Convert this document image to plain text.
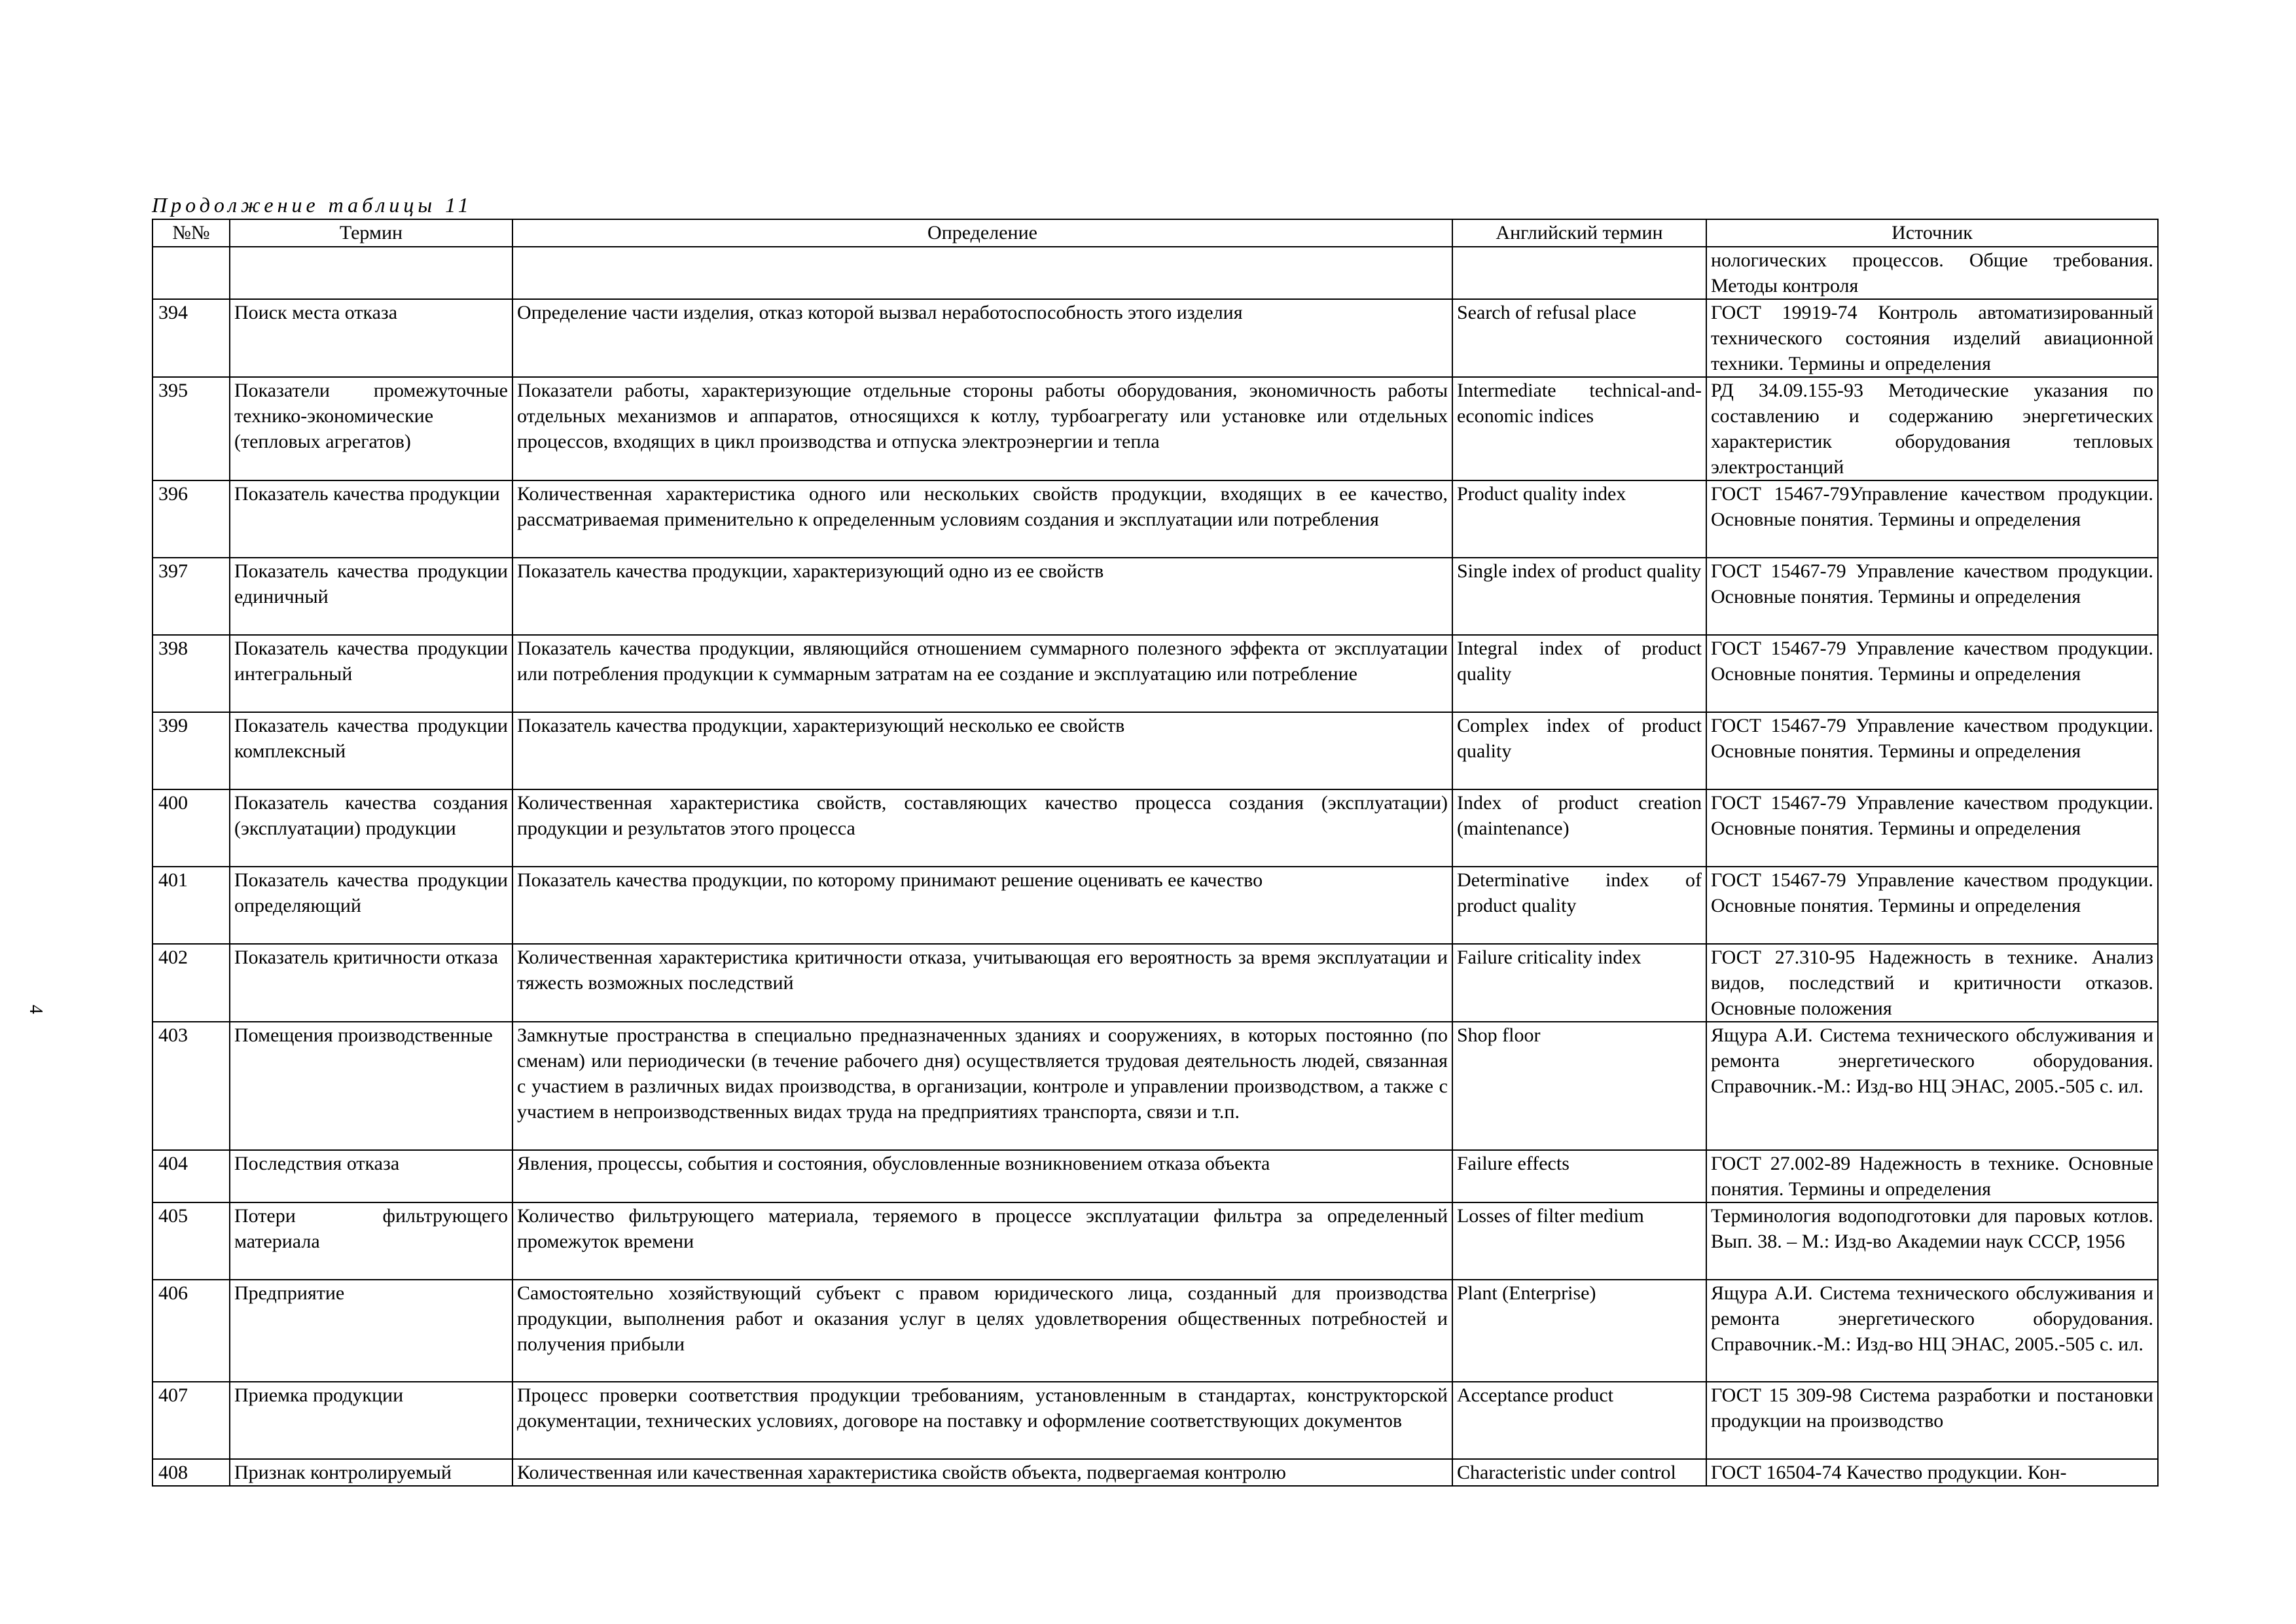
Продолжение таблицы 11
4
№№	Термин	Определение	Английский термин	Источник
				нологических процессов. Общие требования. Методы контроля
394	Поиск места отказа	Определение части изделия, отказ которой вызвал неработоспособность этого изделия	Search of refusal place	ГОСТ 19919-74 Контроль автоматизированный технического состояния изделий авиационной техники. Термины и определения
395	Показатели промежуточные технико-экономические (тепловых агрегатов)	Показатели работы, характеризующие отдельные стороны работы оборудования, экономичность работы отдельных механизмов и аппаратов, относящихся к котлу, турбоагрегату или установке или отдельных процессов, входящих в цикл производства и отпуска электроэнергии и тепла	Intermediate technical-and-economic indices	РД 34.09.155-93 Методические указания по составлению и содержанию энергетических характеристик оборудования тепловых электростанций
396	Показатель качества продукции	Количественная характеристика одного или нескольких свойств продукции, входящих в ее качество, рассматриваемая применительно к определенным условиям создания и эксплуатации или потребления	Product quality index	ГОСТ 15467-79Управление качеством продукции. Основные понятия. Термины и определения
397	Показатель качества продукции единичный	Показатель качества продукции, характеризующий одно из ее свойств	Single index of product quality	ГОСТ 15467-79 Управление качеством продукции. Основные понятия. Термины и определения
398	Показатель качества продукции интегральный	Показатель качества продукции, являющийся отношением суммарного полезного эффекта от эксплуатации или потребления продукции к суммарным затратам на ее создание и эксплуатацию или потребление	Integral index of product quality	ГОСТ 15467-79 Управление качеством продукции. Основные понятия. Термины и определения
399	Показатель качества продукции комплексный	Показатель качества продукции, характеризующий несколько ее свойств	Complex index of product quality	ГОСТ 15467-79 Управление качеством продукции. Основные понятия. Термины и определения
400	Показатель качества создания (эксплуатации) продукции	Количественная характеристика свойств, составляющих качество процесса создания (эксплуатации) продукции и результатов этого процесса	Index of product creation (maintenance)	ГОСТ 15467-79 Управление качеством продукции. Основные понятия. Термины и определения
401	Показатель качества продукции определяющий	Показатель качества продукции, по которому принимают решение оценивать ее качество	Determinative index of product quality	ГОСТ 15467-79 Управление качеством продукции. Основные понятия. Термины и определения
402	Показатель критичности отказа	Количественная характеристика критичности отказа, учитывающая его вероятность за время эксплуатации и тяжесть возможных последствий	Failure criticality index	ГОСТ 27.310-95 Надежность в технике. Анализ видов, последствий и критичности отказов. Основные положения
403	Помещения производственные	Замкнутые пространства в специально предназначенных зданиях и сооружениях, в которых постоянно (по сменам) или периодически (в течение рабочего дня) осуществляется трудовая деятельность людей, связанная с участием в различных видах производства, в организации, контроле и управлении производством, а также с участием в непроизводственных видах труда на предприятиях транспорта, связи и т.п.	Shop floor	Ящура А.И. Система технического обслуживания и ремонта энергетического оборудования. Справочник.-М.: Изд-во НЦ ЭНАС, 2005.-505 с. ил.
404	Последствия отказа	Явления, процессы, события и состояния, обусловленные возникновением отказа объекта	Failure effects	ГОСТ 27.002-89 Надежность в технике. Основные понятия. Термины и определения
405	Потери фильтрующего материала	Количество фильтрующего материала, теряемого в процессе эксплуатации фильтра за определенный промежуток времени	Losses of filter medium	Терминология водоподготовки для паровых котлов. Вып. 38. – М.: Изд-во Академии наук СССР, 1956
406	Предприятие	Самостоятельно хозяйствующий субъект с правом юридического лица, созданный для производства продукции, выполнения работ и оказания услуг в целях удовлетворения общественных потребностей и получения прибыли	Plant (Enterprise)	Ящура А.И. Система технического обслуживания и ремонта энергетического оборудования. Справочник.-М.: Изд-во НЦ ЭНАС, 2005.-505 с. ил.
407	Приемка продукции	Процесс проверки соответствия продукции требованиям, установленным в стандартах, конструкторской документации, технических условиях, договоре на поставку и оформление соответствующих документов	Acceptance product	ГОСТ 15 309-98 Система разработки и постановки продукции на производство
408	Признак контролируемый	Количественная или качественная характеристика свойств объекта, подвергаемая контролю	Characteristic under control	ГОСТ 16504-74 Качество продукции. Кон-
